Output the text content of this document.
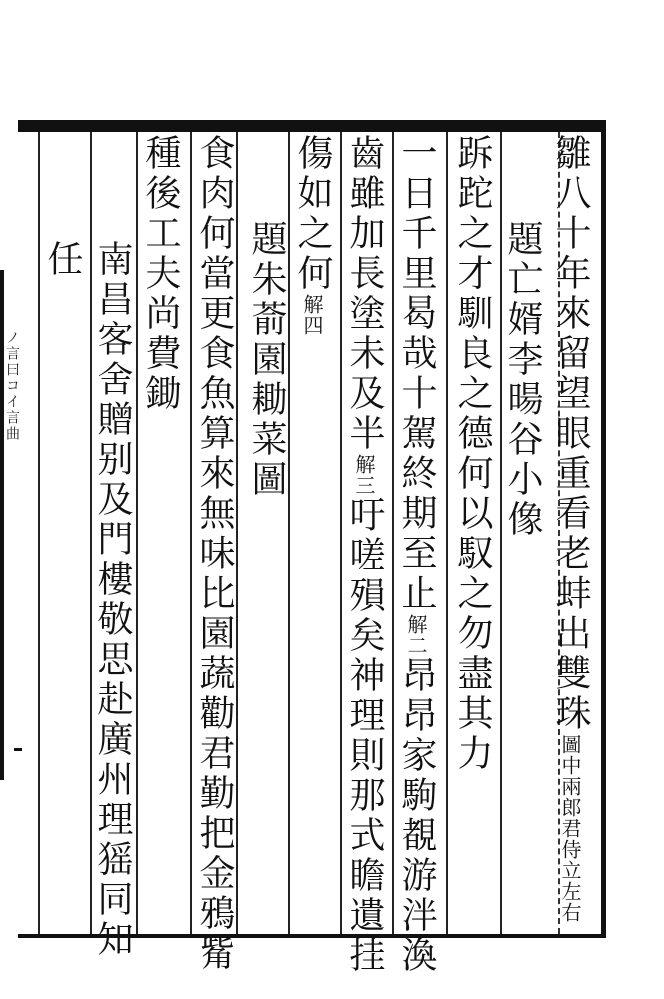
ノ言曰コイ言曲	雛八十年來留望眼重看老蚌出雙珠圖中兩郎君侍立左右
題亡婿李暘谷小像
跅跎之才馴良之德何以馭之勿盡其力
一日千里曷哉十駕終期至止解二昂昂家駒覩游泮渙
齒雖加長塗未及半解三吁嗟殞矣神理則那式瞻遺挂
傷如之何解四
題朱萮園耡菜圖
食肉何當更食魚算來無味比園蔬勸君勤把金鴉觜
種後工夫尚費鋤
南昌客舍贈别及門樓敬思赴廣州理猺同知
任
